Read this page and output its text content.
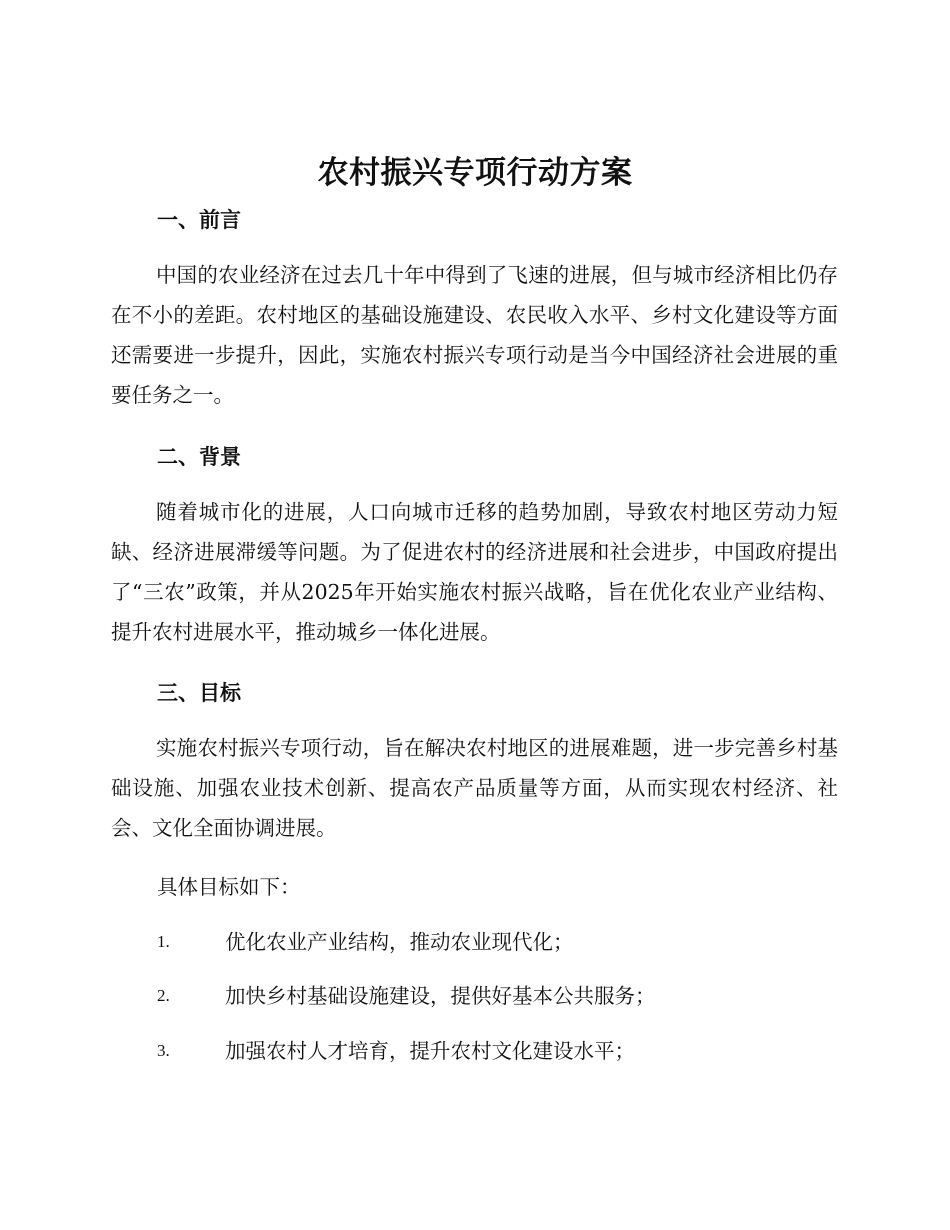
农村振兴专项行动方案
一、前言

中国的农业经济在过去几十年中得到了飞速的进展，但与城市经济相比仍存在不小的差距。农村地区的基础设施建设、农民收入水平、乡村文化建设等方面还需要进一步提升，因此，实施农村振兴专项行动是当今中国经济社会进展的重要任务之一。

二、背景

随着城市化的进展，人口向城市迁移的趋势加剧，导致农村地区劳动力短缺、经济进展滞缓等问题。为了促进农村的经济进展和社会进步，中国政府提出了“三农”政策，并从2025年开始实施农村振兴战略，旨在优化农业产业结构、提升农村进展水平，推动城乡一体化进展。

三、目标

实施农村振兴专项行动，旨在解决农村地区的进展难题，进一步完善乡村基础设施、加强农业技术创新、提高农产品质量等方面，从而实现农村经济、社会、文化全面协调进展。

具体目标如下：

1.	优化农业产业结构，推动农业现代化；
2.	加快乡村基础设施建设，提供好基本公共服务；
3.	加强农村人才培育，提升农村文化建设水平；
